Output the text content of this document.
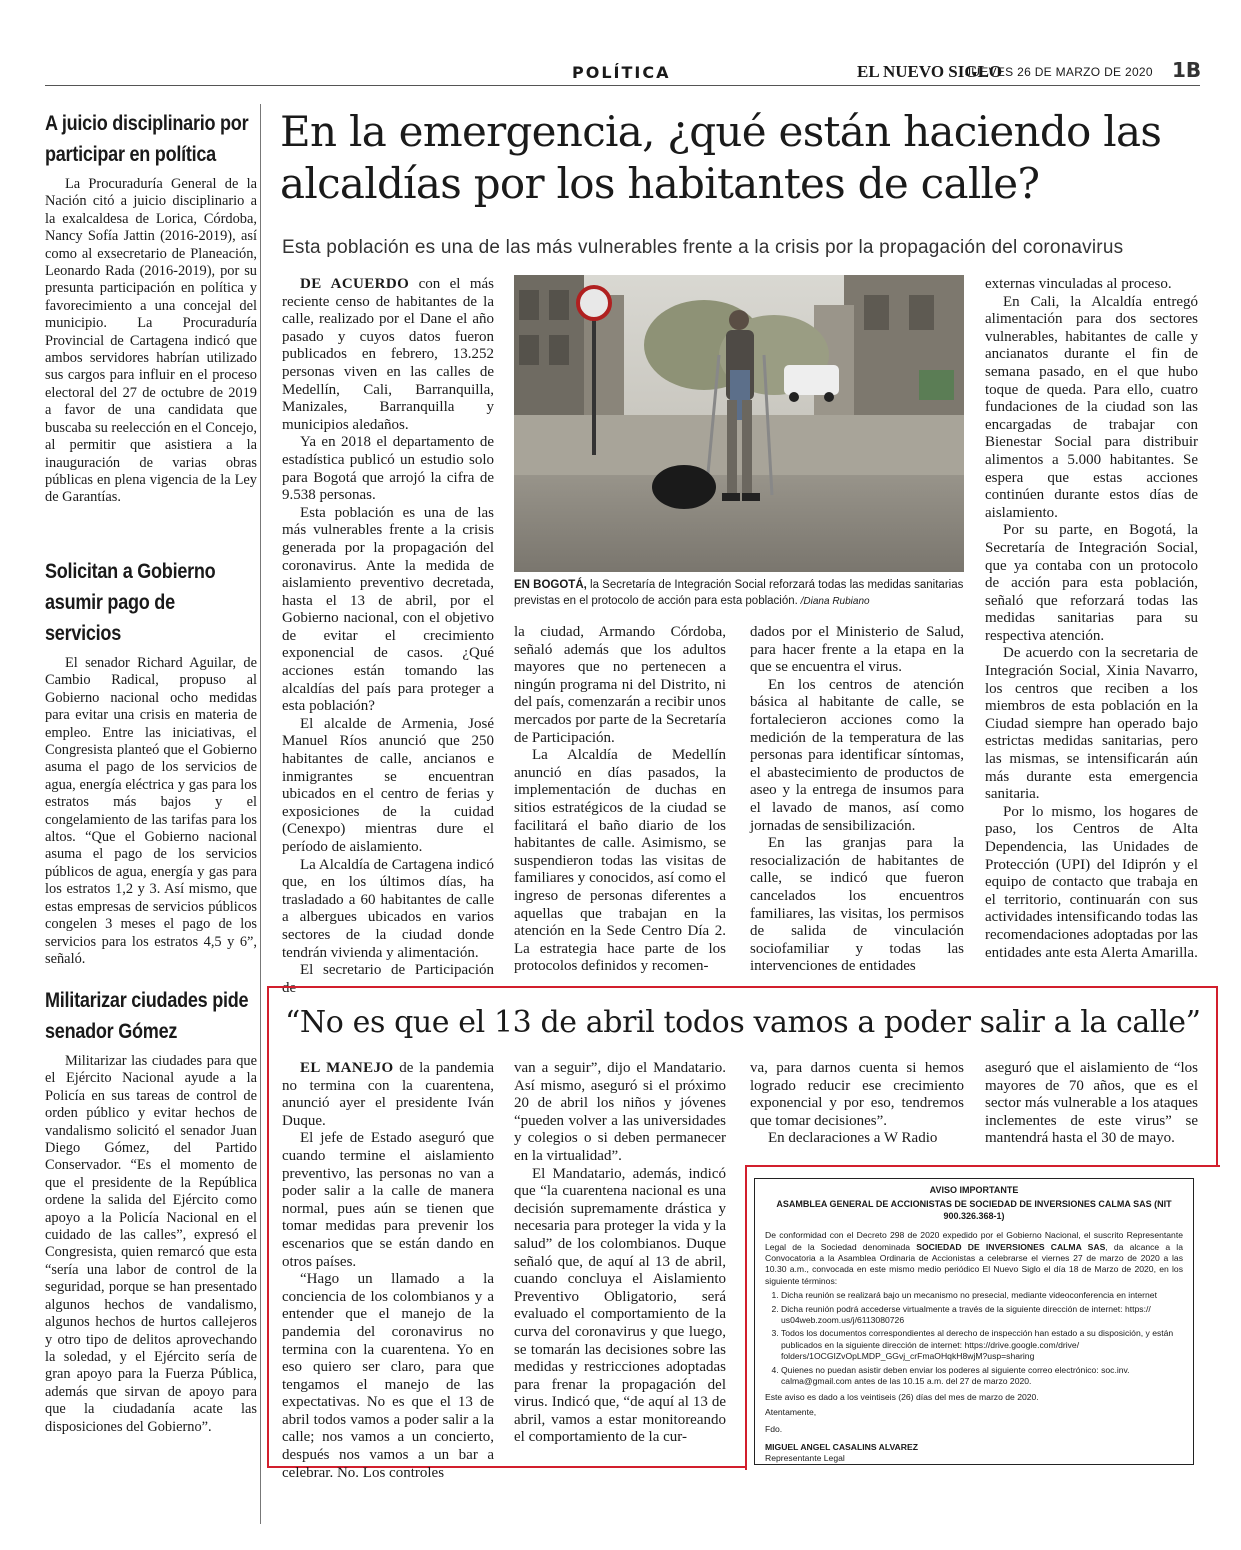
POLÍTICA	EL NUEVO SIGLO
JUEVES 26 DE MARZO DE 2020 1B
A juicio disciplinario por participar en política
La Procuraduría General de la Nación citó a juicio disciplinario a la exalcaldesa de Lorica, Córdoba, Nancy Sofía Jattin (2016-2019), así como al exsecretario de Planeación, Leonardo Rada (2016-2019), por su presunta participación en política y favorecimiento a una concejal del municipio. La Procuraduría Provincial de Cartagena indicó que ambos servidores habrían utilizado sus cargos para influir en el proceso electoral del 27 de octubre de 2019 a favor de una candidata que buscaba su reelección en el Concejo, al permitir que asistiera a la inauguración de varias obras públicas en plena vigencia de la Ley de Garantías.
Solicitan a Gobierno asumir pago de servicios
El senador Richard Aguilar, de Cambio Radical, propuso al Gobierno nacional ocho medidas para evitar una crisis en materia de empleo. Entre las iniciativas, el Congresista planteó que el Gobierno asuma el pago de los servicios de agua, energía eléctrica y gas para los estratos más bajos y el congelamiento de las tarifas para los altos. “Que el Gobierno nacional asuma el pago de los servicios públicos de agua, energía y gas para los estratos 1,2 y 3. Así mismo, que estas empresas de servicios públicos congelen 3 meses el pago de los servicios para los estratos 4,5 y 6”, señaló.
Militarizar ciudades pide senador Gómez
Militarizar las ciudades para que el Ejército Nacional ayude a la Policía en sus tareas de control de orden público y evitar hechos de vandalismo solicitó el senador Juan Diego Gómez, del Partido Conservador. “Es el momento de que el presidente de la República ordene la salida del Ejército como apoyo a la Policía Nacional en el cuidado de las calles”, expresó el Congresista, quien remarcó que esta “sería una labor de control de la seguridad, porque se han presentado algunos hechos de vandalismo, algunos hechos de hurtos callejeros y otro tipo de delitos aprovechando la soledad, y el Ejército sería de gran apoyo para la Fuerza Pública, además que sirvan de apoyo para que la ciudadanía acate las disposiciones del Gobierno”.
En la emergencia, ¿qué están haciendo las alcaldías por los habitantes de calle?
Esta población es una de las más vulnerables frente a la crisis por la propagación del coronavirus

DE ACUERDO con el más reciente censo de habitantes de la calle, realizado por el Dane el año pasado y cuyos datos fueron publicados en febrero, 13.252 personas viven en las calles de Medellín, Cali, Barranquilla, Manizales, Barranquilla y municipios aledaños.

Ya en 2018 el departamento de estadística publicó un estudio solo para Bogotá que arrojó la cifra de 9.538 personas.

Esta población es una de las más vulnerables frente a la crisis generada por la propagación del coronavirus. Ante la medida de aislamiento preventivo decretada, hasta el 13 de abril, por el Gobierno nacional, con el objetivo de evitar el crecimiento exponencial de casos. ¿Qué acciones están tomando las alcaldías del país para proteger a esta población?

El alcalde de Armenia, José Manuel Ríos anunció que 250 habitantes de calle, ancianos e inmigrantes se encuentran ubicados en el centro de ferias y exposiciones de la cuidad (Cenexpo) mientras dure el período de aislamiento.

La Alcaldía de Cartagena indicó que, en los últimos días, ha trasladado a 60 habitantes de calle a albergues ubicados en varios sectores de la ciudad donde tendrán vivienda y alimentación.

El secretario de Participación de

EN BOGOTÁ, la Secretaría de Integración Social reforzará todas las medidas sanitarias previstas en el protocolo de acción para esta población. /Diana Rubiano

la ciudad, Armando Córdoba, señaló además que los adultos mayores que no pertenecen a ningún programa ni del Distrito, ni del país, comenzarán a recibir unos mercados por parte de la Secretaría de Participación.

La Alcaldía de Medellín anunció en días pasados, la implementación de duchas en sitios estratégicos de la ciudad se facilitará el baño diario de los habitantes de calle. Asimismo, se suspendieron todas las visitas de familiares y conocidos, así como el ingreso de personas diferentes a aquellas que trabajan en la atención en la Sede Centro Día 2. La estrategia hace parte de los protocolos definidos y recomen-

dados por el Ministerio de Salud, para hacer frente a la etapa en la que se encuentra el virus.

En los centros de atención básica al habitante de calle, se fortalecieron acciones como la medición de la temperatura de las personas para identificar síntomas, el abastecimiento de productos de aseo y la entrega de insumos para el lavado de manos, así como jornadas de sensibilización.

En las granjas para la resocialización de habitantes de calle, se indicó que fueron cancelados los encuentros familiares, las visitas, los permisos de salida de vinculación sociofamiliar y todas las intervenciones de entidades

externas vinculadas al proceso.

En Cali, la Alcaldía entregó alimentación para dos sectores vulnerables, habitantes de calle y ancianatos durante el fin de semana pasado, en el que hubo toque de queda. Para ello, cuatro fundaciones de la ciudad son las encargadas de trabajar con Bienestar Social para distribuir alimentos a 5.000 habitantes. Se espera que estas acciones continúen durante estos días de aislamiento.

Por su parte, en Bogotá, la Secretaría de Integración Social, que ya contaba con un protocolo de acción para esta población, señaló que reforzará todas las medidas sanitarias para su respectiva atención.

De acuerdo con la secretaria de Integración Social, Xinia Navarro, los centros que reciben a los miembros de esta población en la Ciudad siempre han operado bajo estrictas medidas sanitarias, pero las mismas, se intensificarán aún más durante esta emergencia sanitaria.

Por lo mismo, los hogares de paso, los Centros de Alta Dependencia, las Unidades de Protección (UPI) del Idiprón y el equipo de contacto que trabaja en el territorio, continuarán con sus actividades intensificando todas las recomendaciones adoptadas por las entidades ante esta Alerta Amarilla.

“No es que el 13 de abril todos vamos a poder salir a la calle”

EL MANEJO de la pandemia no termina con la cuarentena, anunció ayer el presidente Iván Duque.

El jefe de Estado aseguró que cuando termine el aislamiento preventivo, las personas no van a poder salir a la calle de manera normal, pues aún se tienen que tomar medidas para prevenir los escenarios que se están dando en otros países.

“Hago un llamado a la conciencia de los colombianos y a entender que el manejo de la pandemia del coronavirus no termina con la cuarentena. Yo en eso quiero ser claro, para que tengamos el manejo de las expectativas. No es que el 13 de abril todos vamos a poder salir a la calle; nos vamos a un concierto, después nos vamos a un bar a celebrar. No. Los controles

van a seguir”, dijo el Mandatario. Así mismo, aseguró si el próximo 20 de abril los niños y jóvenes “pueden volver a las universidades y colegios o si deben permanecer en la virtualidad”.

El Mandatario, además, indicó que “la cuarentena nacional es una decisión supremamente drástica y necesaria para proteger la vida y la salud” de los colombianos. Duque señaló que, de aquí al 13 de abril, cuando concluya el Aislamiento Preventivo Obligatorio, será evaluado el comportamiento de la curva del coronavirus y que luego, se tomarán las decisiones sobre las medidas y restricciones adoptadas para frenar la propagación del virus. Indicó que, “de aquí al 13 de abril, vamos a estar monitoreando el comportamiento de la cur-

va, para darnos cuenta si hemos logrado reducir ese crecimiento exponencial y por eso, tendremos que tomar decisiones”.

En declaraciones a W Radio

aseguró que el aislamiento de “los mayores de 70 años, que es el sector más vulnerable a los ataques inclementes de este virus” se mantendrá hasta el 30 de mayo.

AVISO IMPORTANTE
ASAMBLEA GENERAL DE ACCIONISTAS DE SOCIEDAD DE INVERSIONES CALMA SAS (NIT 900.326.368-1)
De conformidad con el Decreto 298 de 2020 expedido por el Gobierno Nacional, el suscrito Representante Legal de la Sociedad denominada SOCIEDAD DE INVERSIONES CALMA SAS, da alcance a la Convocatoria a la Asamblea Ordinaria de Accionistas a celebrarse el viernes 27 de marzo de 2020 a las 10.30 a.m., convocada en este mismo medio periódico El Nuevo Siglo el día 18 de Marzo de 2020, en los siguiente términos:
1. Dicha reunión se realizará bajo un mecanismo no presecial, mediante videoconferencia en internet
2. Dicha reunión podrá accederse virtualmente a través de la siguiente dirección de internet: https:// us04web.zoom.us/j/6113080726
3. Todos los documentos correspondientes al derecho de inspección han estado a su disposición, y están publicados en la siguiente dirección de internet: https://drive.google.com/drive/ folders/1OCGIZvOpLMDP_GGvj_crFmaOHqkH8wjM?usp=sharing
4. Quienes no puedan asistir deben enviar los poderes al siguiente correo electrónico: soc.inv. calma@gmail.com antes de las 10.15 a.m. del 27 de marzo 2020.
Este aviso es dado a los veintiseis (26) días del mes de marzo de 2020.
Atentamente,
Fdo.
MIGUEL ANGEL CASALINS ALVAREZ
Representante Legal
